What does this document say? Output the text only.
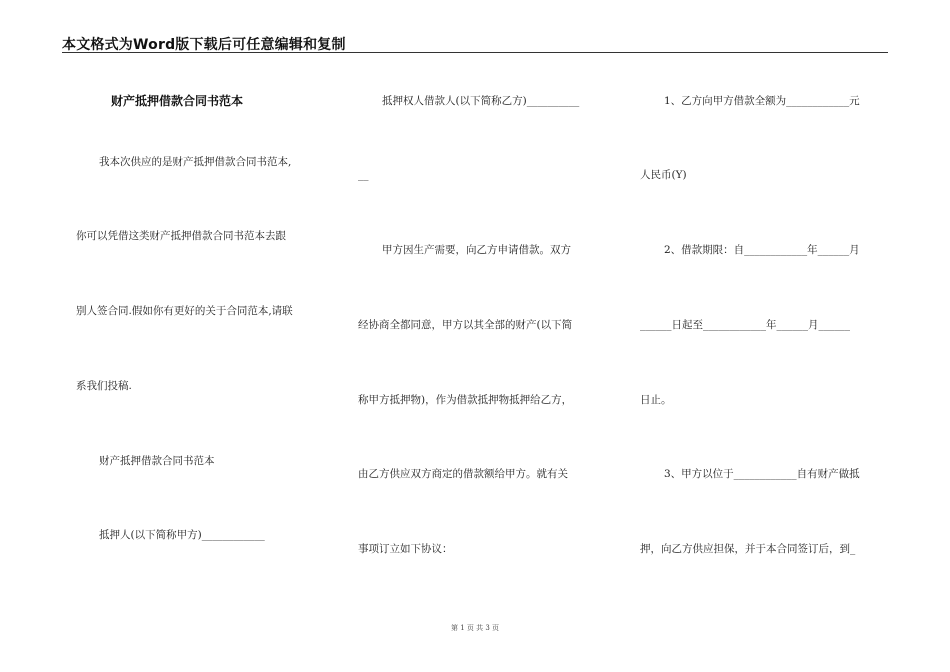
本文格式为Word版下载后可任意编辑和复制
财产抵押借款合同书范本
我本次供应的是财产抵押借款合同书范本,
你可以凭借这类财产抵押借款合同书范本去跟
别人签合同.假如你有更好的关于合同范本,请联
系我们投稿.
财产抵押借款合同书范本
抵押人(以下简称甲方)____________
抵押权人借款人(以下简称乙方)__________
__
甲方因生产需要，向乙方申请借款。双方
经协商全都同意，甲方以其全部的财产(以下简
称甲方抵押物)，作为借款抵押物抵押给乙方，
由乙方供应双方商定的借款额给甲方。就有关
事项订立如下协议：
1、乙方向甲方借款全额为____________元
人民币(Y)
2、借款期限：自____________年______月
______日起至____________年______月______
日止。
3、甲方以位于____________自有财产做抵
押，向乙方供应担保，并于本合同签订后，到_
第 1 页 共 3 页
